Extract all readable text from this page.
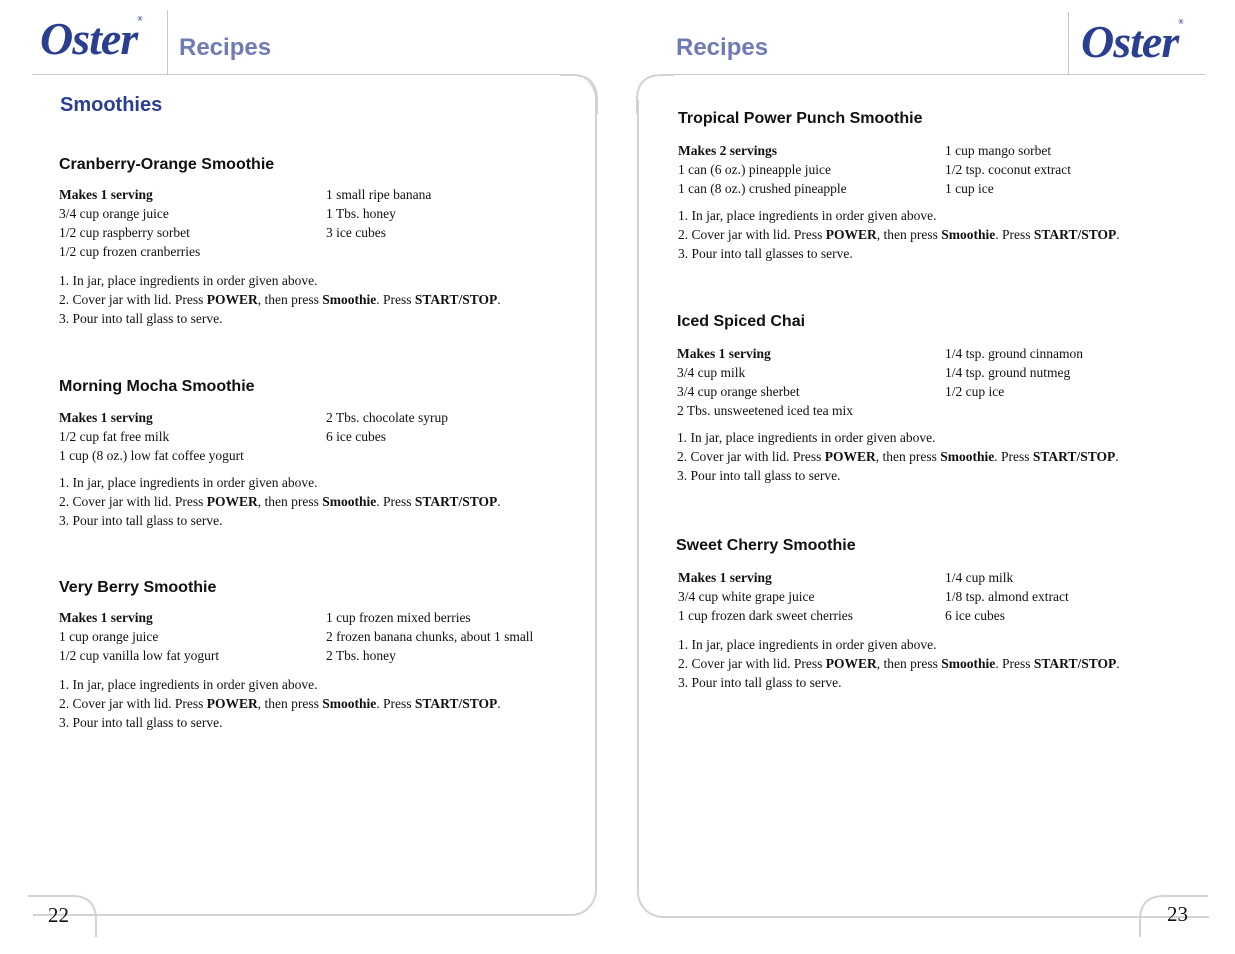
Oster®
Recipes
Smoothies
Cranberry-Orange Smoothie
Makes 1 serving
3/4 cup orange juice
1/2 cup raspberry sorbet
1/2 cup frozen cranberries
1 small ripe banana
1 Tbs. honey
3 ice cubes
1. In jar, place ingredients in order given above.
2. Cover jar with lid. Press POWER, then press Smoothie. Press START/STOP.
3. Pour into tall glass to serve.
Morning Mocha Smoothie
Makes 1 serving
1/2 cup fat free milk
1 cup (8 oz.) low fat coffee yogurt
2 Tbs. chocolate syrup
6 ice cubes
1. In jar, place ingredients in order given above.
2. Cover jar with lid. Press POWER, then press Smoothie. Press START/STOP.
3. Pour into tall glass to serve.
Very Berry Smoothie
Makes 1 serving
1 cup orange juice
1/2 cup vanilla low fat yogurt
1 cup frozen mixed berries
2 frozen banana chunks, about 1 small
2 Tbs. honey
1. In jar, place ingredients in order given above.
2. Cover jar with lid. Press POWER, then press Smoothie. Press START/STOP.
3. Pour into tall glass to serve.
22
Recipes	Oster®
Tropical Power Punch Smoothie
Makes 2 servings
1 can (6 oz.) pineapple juice
1 can (8 oz.) crushed pineapple
1 cup mango sorbet
1/2 tsp. coconut extract
1 cup ice
1. In jar, place ingredients in order given above.
2. Cover jar with lid. Press POWER, then press Smoothie. Press START/STOP.
3. Pour into tall glasses to serve.
Iced Spiced Chai
Makes 1 serving
3/4 cup milk
3/4 cup orange sherbet
2 Tbs. unsweetened iced tea mix
1/4 tsp. ground cinnamon
1/4 tsp. ground nutmeg
1/2 cup ice
1. In jar, place ingredients in order given above.
2. Cover jar with lid. Press POWER, then press Smoothie. Press START/STOP.
3. Pour into tall glass to serve.
Sweet Cherry Smoothie
Makes 1 serving
3/4 cup white grape juice
1 cup frozen dark sweet cherries
1/4 cup milk
1/8 tsp. almond extract
6 ice cubes
1. In jar, place ingredients in order given above.
2. Cover jar with lid. Press POWER, then press Smoothie. Press START/STOP.
3. Pour into tall glass to serve.
23
